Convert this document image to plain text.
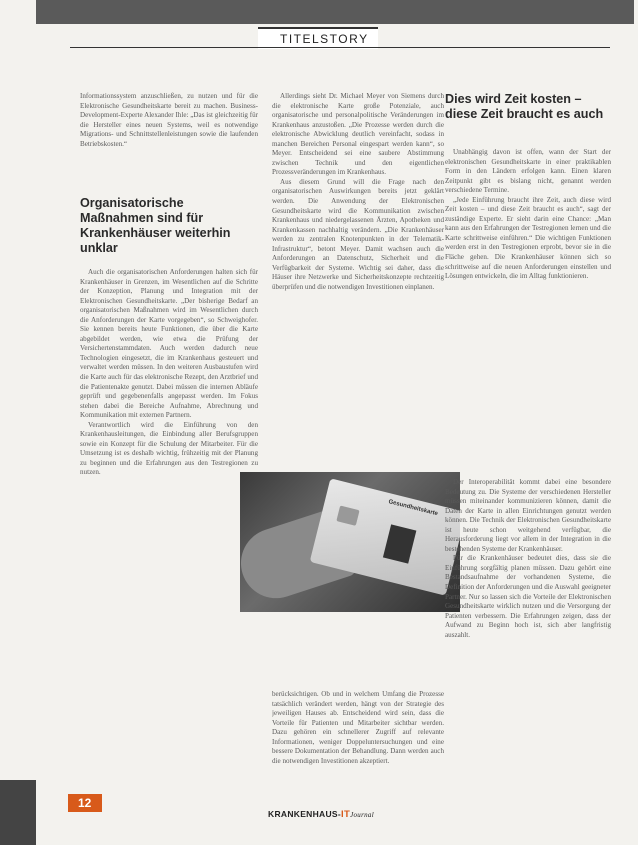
TITELSTORY

Informationssystem anzuschließen, zu nutzen und für die Elektronische Gesundheitskarte bereit zu machen. Business-Development-Experte Alexander Ihle: „Das ist gleichzeitig für die Hersteller eines neuen Systems, weil es notwendige Migrations- und Schnittstellenleistungen sowie die laufenden Betriebskosten.“

Organisatorische Maßnahmen sind für Krankenhäuser weiterhin unklar

Auch die organisatorischen Anforderungen halten sich für Krankenhäuser in Grenzen, im Wesentlichen auf die Schritte der Konzeption, Planung und Integration mit der Elektronischen Gesundheitskarte. „Der bisherige Bedarf an organisatorischen Maßnahmen wird im Wesentlichen durch die Anforderungen der Karte vorgegeben“, so Schweighofer. Sie kennen bereits heute Funktionen, die über die Karte abgebildet werden, wie etwa die Prüfung der Versichertenstammdaten. Auch werden dadurch neue Technologien eingesetzt, die im Krankenhaus gesteuert und verwaltet werden müssen. In den weiteren Ausbaustufen wird die Karte auch für das elektronische Rezept, den Arztbrief und die Patientenakte genutzt. Dabei müssen die internen Abläufe geprüft und gegebenenfalls angepasst werden. Im Fokus stehen dabei die Bereiche Aufnahme, Abrechnung und Kommunikation mit externen Partnern.

Verantwortlich wird die Einführung von den Krankenhausleitungen, die Einbindung aller Berufsgruppen sowie ein Konzept für die Schulung der Mitarbeiter. Für die Umsetzung ist es deshalb wichtig, frühzeitig mit der Planung zu beginnen und die Erfahrungen aus den Testregionen zu nutzen.

Allerdings sieht Dr. Michael Meyer von Siemens durch die elektronische Karte große Potenziale, auch organisatorische und personalpolitische Veränderungen im Krankenhaus anzustoßen. „Die Prozesse werden durch die elektronische Abwicklung deutlich vereinfacht, sodass in manchen Bereichen Personal eingespart werden kann“, so Meyer. Entscheidend sei eine saubere Abstimmung zwischen Technik und den eigentlichen Prozessveränderungen im Krankenhaus.

Aus diesem Grund will die Frage nach den organisatorischen Auswirkungen bereits jetzt geklärt werden. Die Anwendung der Elektronischen Gesundheitskarte wird die Kommunikation zwischen Krankenhaus und niedergelassenen Ärzten, Apotheken und Krankenkassen nachhaltig verändern. „Die Krankenhäuser werden zu zentralen Knotenpunkten in der Telematik-Infrastruktur“, betont Meyer. Damit wachsen auch die Anforderungen an Datenschutz, Sicherheit und die Verfügbarkeit der Systeme. Wichtig sei daher, dass die Häuser ihre Netzwerke und Sicherheitskonzepte rechtzeitig überprüfen und die notwendigen Investitionen einplanen.

Dies wird Zeit kosten – diese Zeit braucht es auch

Unabhängig davon ist offen, wann der Start der elektronischen Gesundheitskarte in einer praktikablen Form in den Ländern erfolgen kann. Einen klaren Zeitpunkt gibt es bislang nicht, genannt werden verschiedene Termine.

„Jede Einführung braucht ihre Zeit, auch diese wird Zeit kosten – und diese Zeit braucht es auch“, sagt der zuständige Experte. Er sieht darin eine Chance: „Man kann aus den Erfahrungen der Testregionen lernen und die Karte schrittweise einführen.“ Die wichtigen Funktionen werden erst in den Testregionen erprobt, bevor sie in die Fläche gehen. Die Krankenhäuser können sich so schrittweise auf die neuen Anforderungen einstellen und Lösungen entwickeln, die im Alltag funktionieren.

Gesundheitskarte

berücksichtigen. Ob und in welchem Umfang die Prozesse tatsächlich verändert werden, hängt von der Strategie des jeweiligen Hauses ab. Entscheidend wird sein, dass die Vorteile für Patienten und Mitarbeiter sichtbar werden. Dazu gehören ein schnellerer Zugriff auf relevante Informationen, weniger Doppeluntersuchungen und eine bessere Dokumentation der Behandlung. Dann werden auch die notwendigen Investitionen akzeptiert.

Der Interoperabilität kommt dabei eine besondere Bedeutung zu. Die Systeme der verschiedenen Hersteller müssen miteinander kommunizieren können, damit die Daten der Karte in allen Einrichtungen genutzt werden können. Die Technik der Elektronischen Gesundheitskarte ist heute schon weitgehend verfügbar, die Herausforderung liegt vor allem in der Integration in die bestehenden Systeme der Krankenhäuser.

Für die Krankenhäuser bedeutet dies, dass sie die Einführung sorgfältig planen müssen. Dazu gehört eine Bestandsaufnahme der vorhandenen Systeme, die Definition der Anforderungen und die Auswahl geeigneter Partner. Nur so lassen sich die Vorteile der Elektronischen Gesundheitskarte wirklich nutzen und die Versorgung der Patienten verbessern. Die Erfahrungen zeigen, dass der Aufwand zu Beginn hoch ist, sich aber langfristig auszahlt.

12
KRANKENHAUS-ITJournal
